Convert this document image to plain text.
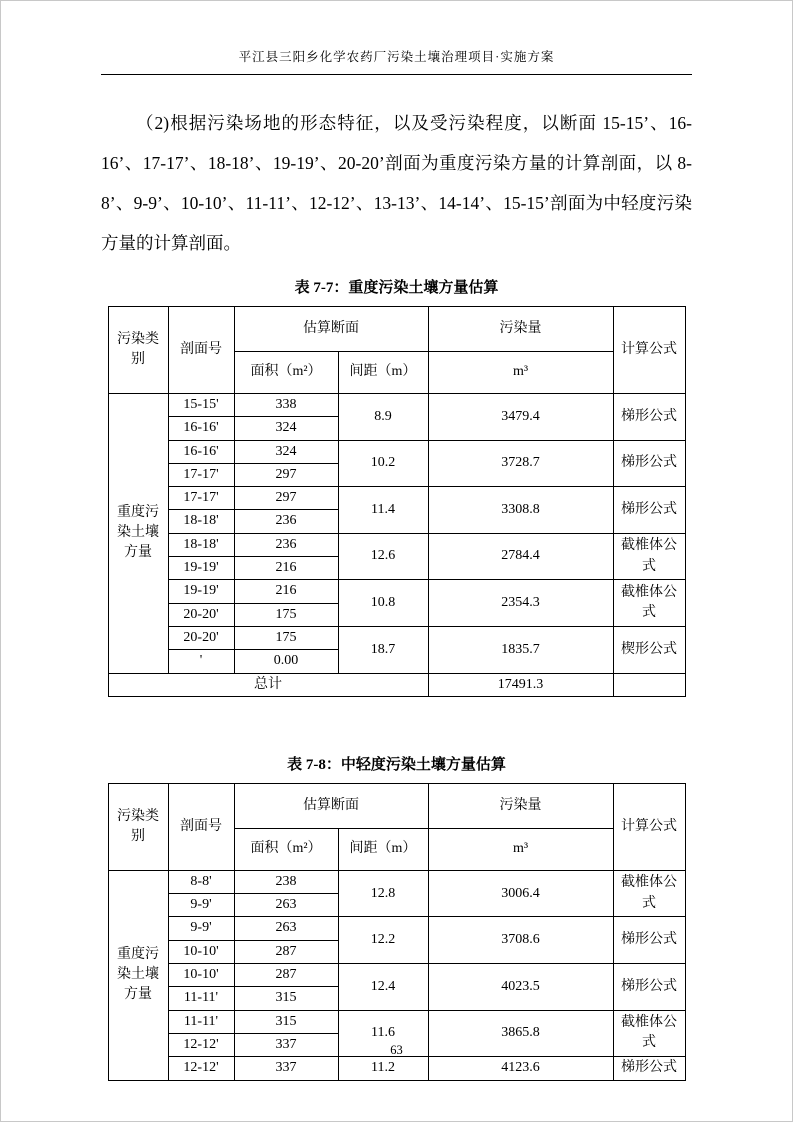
平江县三阳乡化学农药厂污染土壤治理项目·实施方案

（2)根据污染场地的形态特征，以及受污染程度，以断面 15-15’、16-16’、17-17’、18-18’、19-19’、20-20’剖面为重度污染方量的计算剖面，以 8-8’、9-9’、10-10’、11-11’、12-12’、13-13’、14-14’、15-15’剖面为中轻度污染方量的计算剖面。

表 7-7：重度污染土壤方量估算
污染类别	剖面号	估算断面		污染量	计算公式
		面积（m²）	间距（m）	m³	
重度污染土壤方量	15-15'	338	8.9	3479.4	梯形公式
	16-16'	324			
	16-16'	324	10.2	3728.7	梯形公式
	17-17'	297			
	17-17'	297	11.4	3308.8	梯形公式
	18-18'	236			
	18-18'	236	12.6	2784.4	截椎体公式
	19-19'	216			
	19-19'	216	10.8	2354.3	截椎体公式
	20-20'	175			
	20-20'	175	18.7	1835.7	楔形公式
	'	0.00			
总计				17491.3	
表 7-8：中轻度污染土壤方量估算
污染类别	剖面号	估算断面		污染量	计算公式
		面积（m²）	间距（m）	m³	
重度污染土壤方量	8-8'	238	12.8	3006.4	截椎体公式
	9-9'	263			
	9-9'	263	12.2	3708.6	梯形公式
	10-10'	287			
	10-10'	287	12.4	4023.5	梯形公式
	11-11'	315			
	11-11'	315	11.6	3865.8	截椎体公式
	12-12'	337			
	12-12'	337	11.2	4123.6	梯形公式
63
